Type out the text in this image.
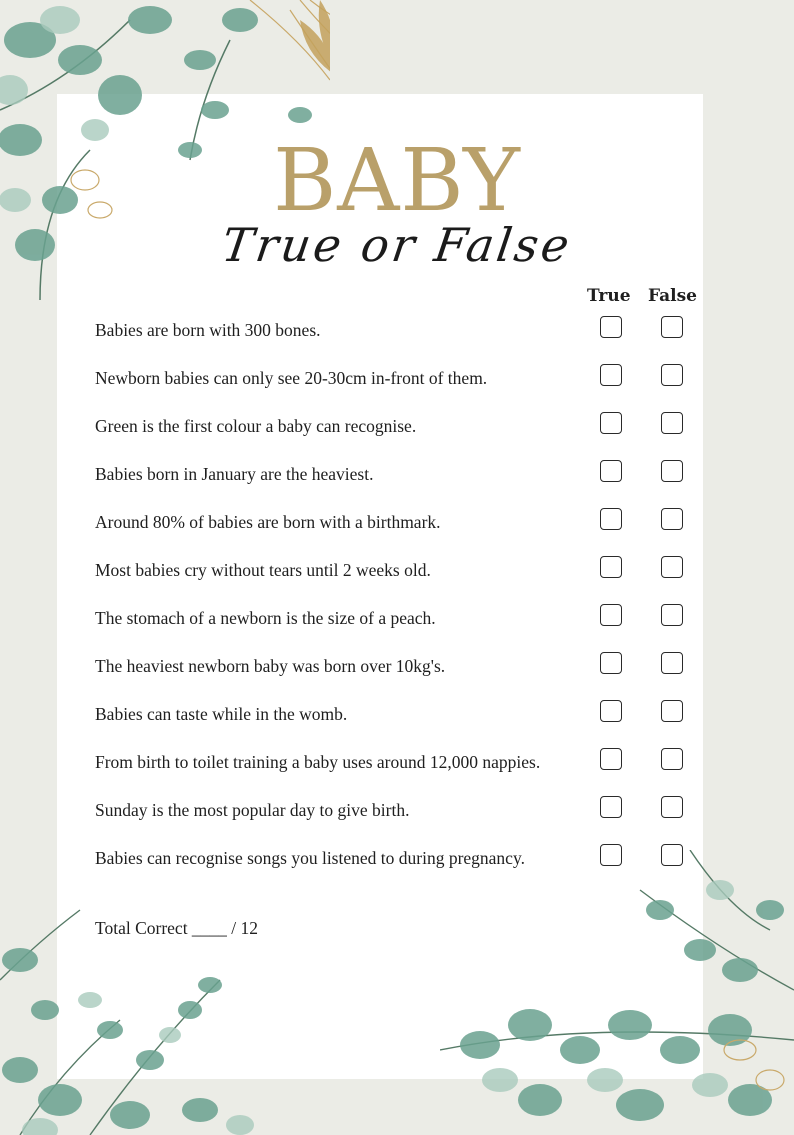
BABY
True or False
True False
Babies are born with 300 bones.
Newborn babies can only see 20-30cm in-front of them.
Green is the first colour a baby can recognise.
Babies born in January are the heaviest.
Around 80% of babies are born with a birthmark.
Most babies cry without tears until 2 weeks old.
The stomach of a newborn is the size of a peach.
The heaviest newborn baby was born over 10kg's.
Babies can taste while in the womb.
From birth to toilet training a baby uses around 12,000 nappies.
Sunday is the most popular day to give birth.
Babies can recognise songs you listened to during pregnancy.
Total Correct ____ / 12
